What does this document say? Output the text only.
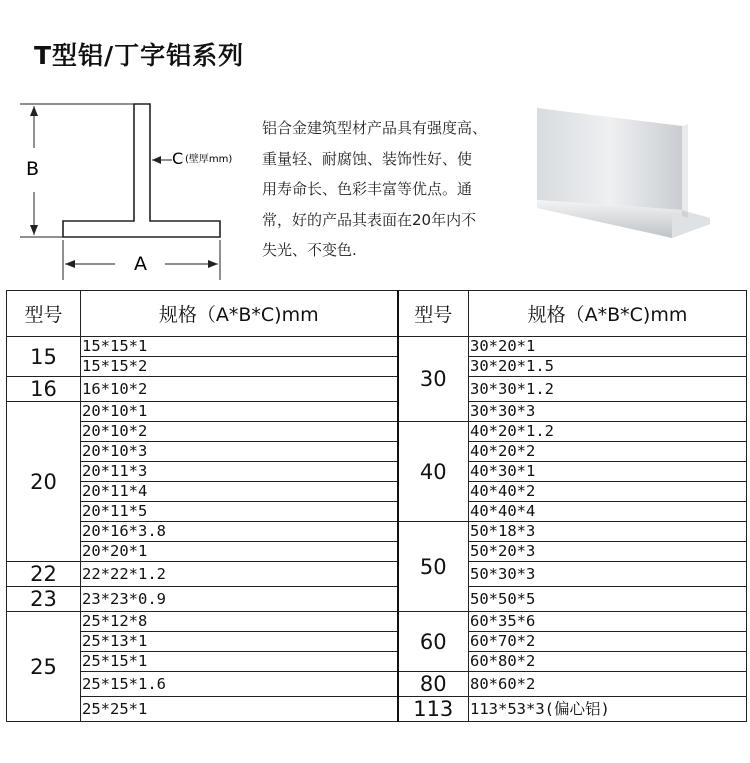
T型铝/丁字铝系列
B
A
C (壁厚mm)
铝合金建筑型材产品具有强度高、
重量轻、耐腐蚀、装饰性好、使
用寿命长、色彩丰富等优点。通
常，好的产品其表面在20年内不
失光、不变色.
型号	规格（A*B*C)mm	型号	规格（A*B*C)mm
15	15*15*1	30	30*20*1
	15*15*2		30*20*1.5
16	16*10*2		30*30*1.2
20	20*10*1		30*30*3
	20*10*2	40	40*20*1.2
	20*10*3		40*20*2
	20*11*3		40*30*1
	20*11*4		40*40*2
	20*11*5		40*40*4
	20*16*3.8	50	50*18*3
	20*20*1		50*20*3
22	22*22*1.2		50*30*3
23	23*23*0.9		50*50*5
25	25*12*8	60	60*35*6
	25*13*1		60*70*2
	25*15*1		60*80*2
	25*15*1.6	80	80*60*2
	25*25*1	113	113*53*3(偏心铝)
